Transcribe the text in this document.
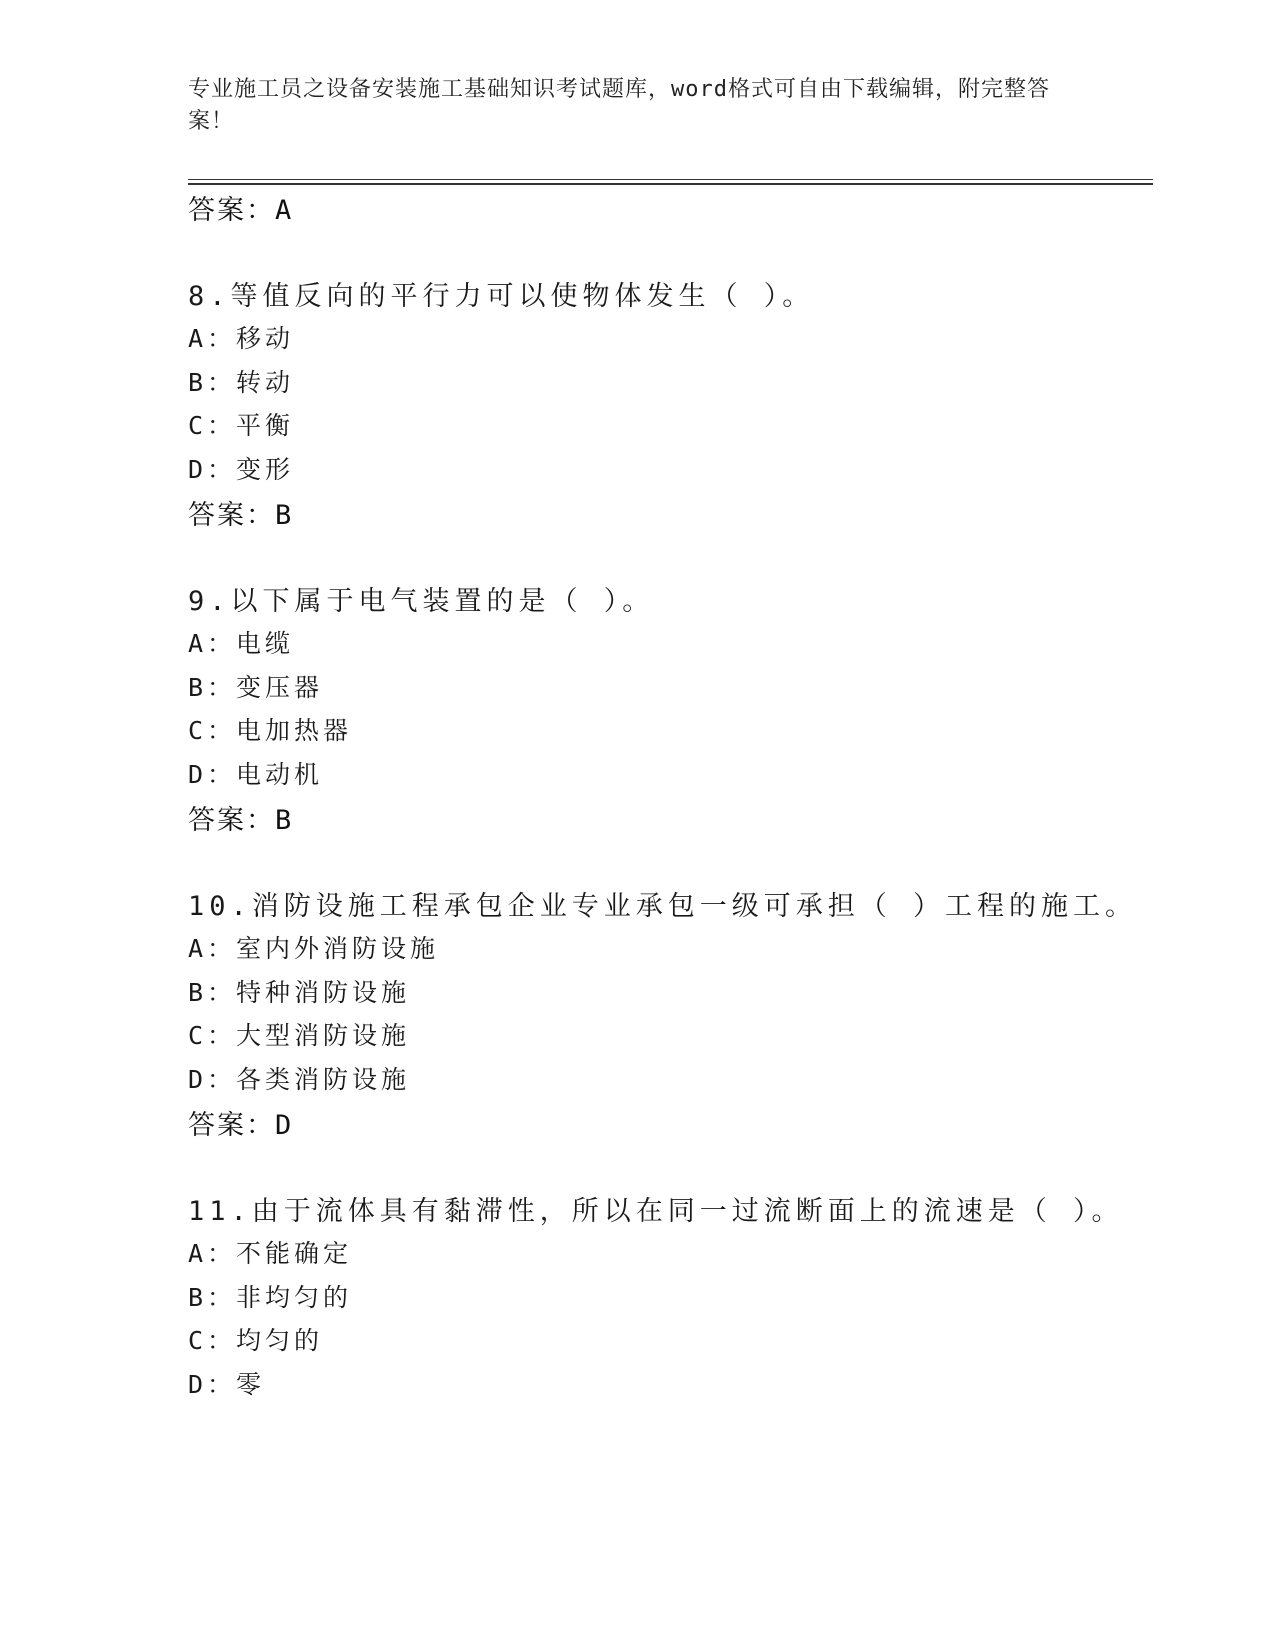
专业施工员之设备安装施工基础知识考试题库，word格式可自由下载编辑，附完整答案！
答案：A
8.等值反向的平行力可以使物体发生（ ）。
A：移动
B：转动
C：平衡
D：变形
答案：B
9.以下属于电气装置的是（ ）。
A：电缆
B：变压器
C：电加热器
D：电动机
答案：B
10.消防设施工程承包企业专业承包一级可承担（ ）工程的施工。
A：室内外消防设施
B：特种消防设施
C：大型消防设施
D：各类消防设施
答案：D
11.由于流体具有黏滞性，所以在同一过流断面上的流速是（ ）。
A：不能确定
B：非均匀的
C：均匀的
D：零
